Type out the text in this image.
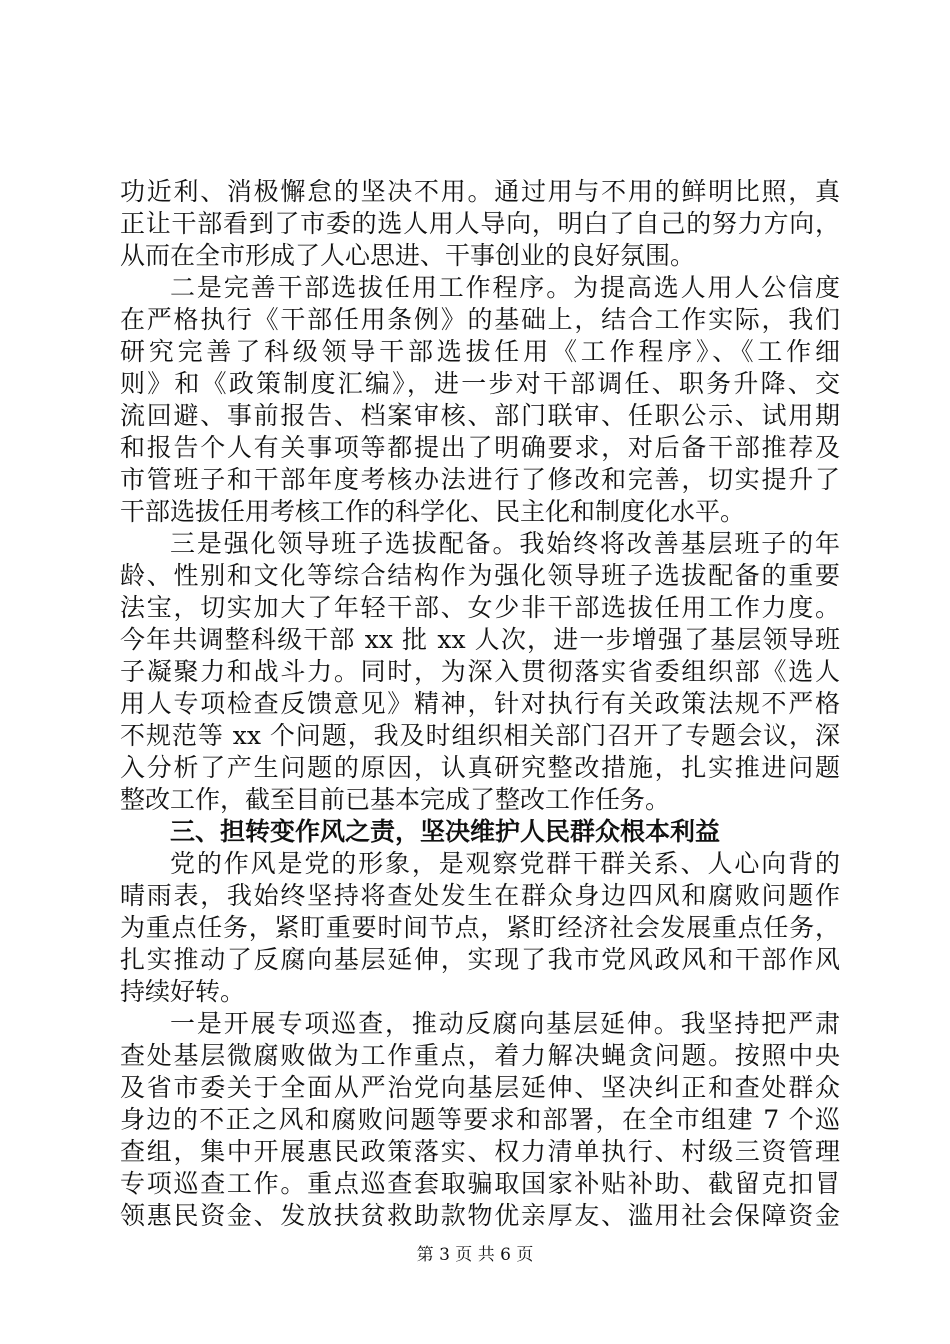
功近利、消极懈怠的坚决不用。通过用与不用的鲜明比照，真
正让干部看到了市委的选人用人导向，明白了自己的努力方向，
从而在全市形成了人心思进、干事创业的良好氛围。
二是完善干部选拔任用工作程序。为提高选人用人公信度
在严格执行《干部任用条例》的基础上，结合工作实际，我们
研究完善了科级领导干部选拔任用《工作程序》、《工作细
则》和《政策制度汇编》，进一步对干部调任、职务升降、交
流回避、事前报告、档案审核、部门联审、任职公示、试用期
和报告个人有关事项等都提出了明确要求，对后备干部推荐及
市管班子和干部年度考核办法进行了修改和完善，切实提升了
干部选拔任用考核工作的科学化、民主化和制度化水平。
三是强化领导班子选拔配备。我始终将改善基层班子的年
龄、性别和文化等综合结构作为强化领导班子选拔配备的重要
法宝，切实加大了年轻干部、女少非干部选拔任用工作力度。
今年共调整科级干部 xx 批 xx 人次，进一步增强了基层领导班
子凝聚力和战斗力。同时，为深入贯彻落实省委组织部《选人
用人专项检查反馈意见》精神，针对执行有关政策法规不严格
不规范等 xx 个问题，我及时组织相关部门召开了专题会议，深
入分析了产生问题的原因，认真研究整改措施，扎实推进问题
整改工作，截至目前已基本完成了整改工作任务。
三、担转变作风之责，坚决维护人民群众根本利益
党的作风是党的形象，是观察党群干群关系、人心向背的
晴雨表，我始终坚持将查处发生在群众身边四风和腐败问题作
为重点任务，紧盯重要时间节点，紧盯经济社会发展重点任务，
扎实推动了反腐向基层延伸，实现了我市党风政风和干部作风
持续好转。
一是开展专项巡查，推动反腐向基层延伸。我坚持把严肃
查处基层微腐败做为工作重点，着力解决蝇贪问题。按照中央
及省市委关于全面从严治党向基层延伸、坚决纠正和查处群众
身边的不正之风和腐败问题等要求和部署，在全市组建 7 个巡
查组，集中开展惠民政策落实、权力清单执行、村级三资管理
专项巡查工作。重点巡查套取骗取国家补贴补助、截留克扣冒
领惠民资金、发放扶贫救助款物优亲厚友、滥用社会保障资金
第 3 页 共 6 页
